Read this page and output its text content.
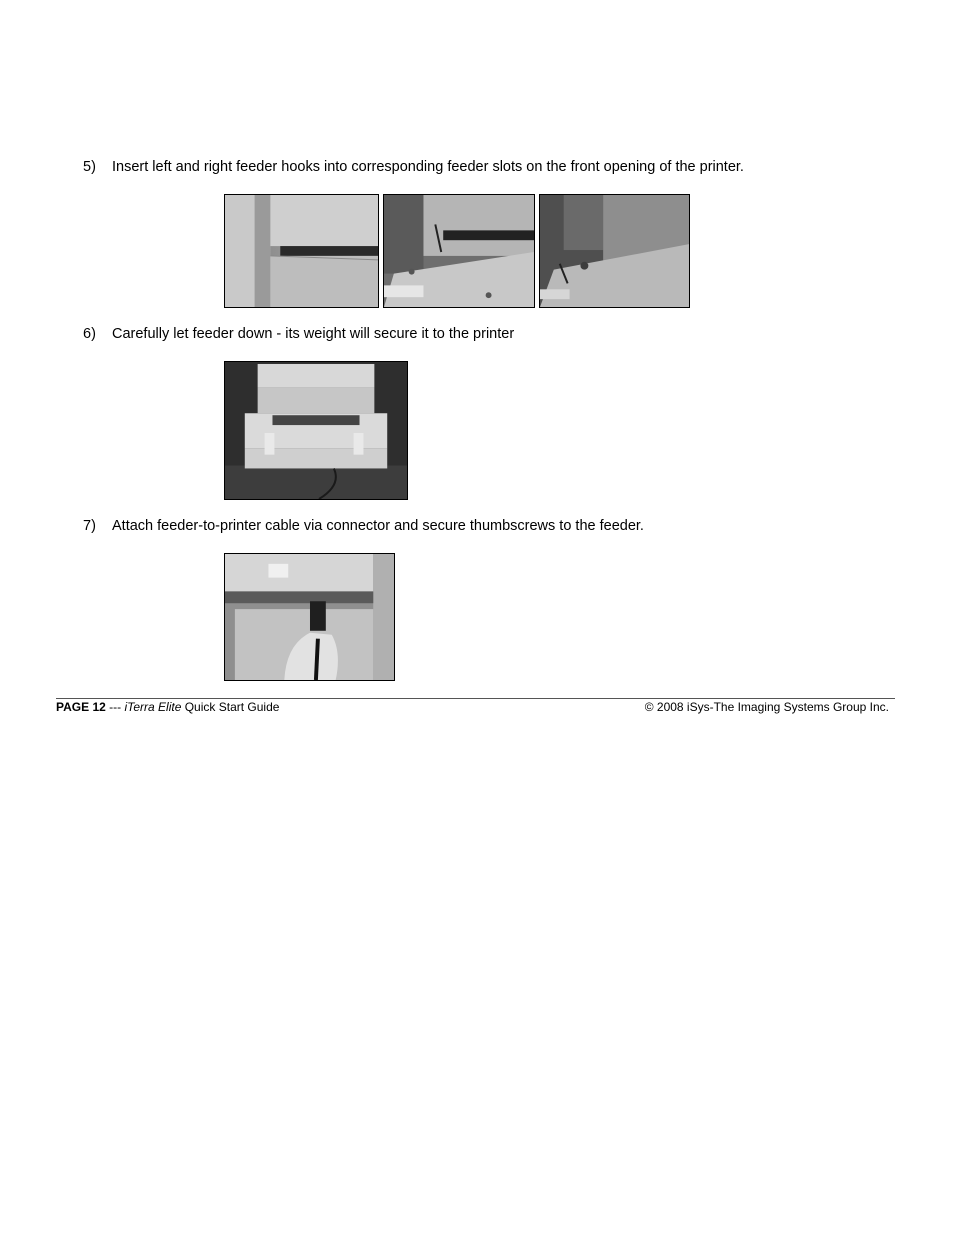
5) Insert left and right feeder hooks into corresponding feeder slots on the front opening of the printer.
6) Carefully let feeder down - its weight will secure it to the printer
7) Attach feeder-to-printer cable via connector and secure thumbscrews to the feeder.
PAGE 12 --- iTerra Elite Quick Start Guide	© 2008 iSys-The Imaging Systems Group Inc.
